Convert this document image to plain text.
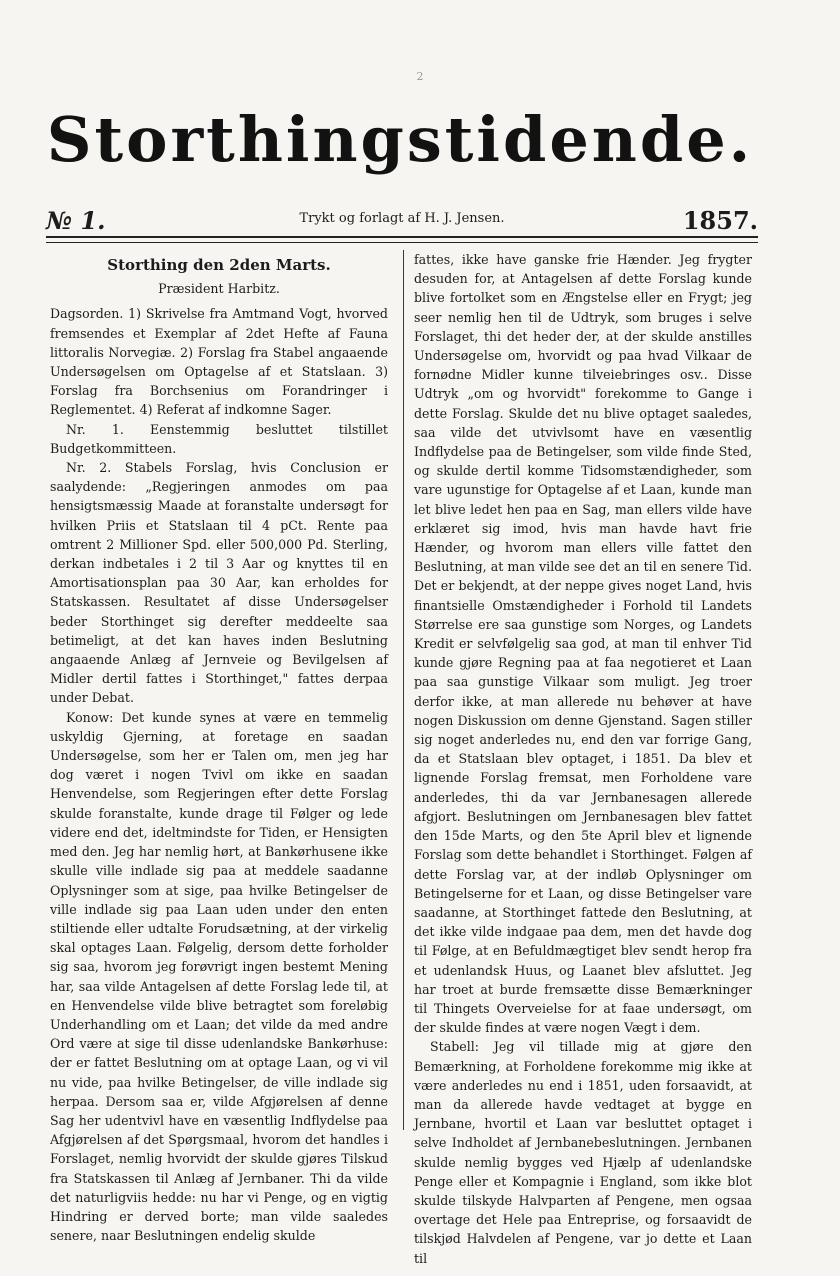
2
Storthingstidende.
№ 1.	Trykt og forlagt af H. J. Jensen.	1857.
Storthing den 2den Marts.
Præsident Harbitz.

Dagsorden. 1) Skrivelse fra Amtmand Vogt, hvorved fremsendes et Exemplar af 2det Hefte af Fauna littoralis Norvegiæ. 2) Forslag fra Stabel angaaende Undersøgelsen om Optagelse af et Statslaan. 3) Forslag fra Borchsenius om Forandringer i Reglementet. 4) Referat af indkomne Sager.

Nr. 1. Eenstemmig besluttet tilstillet Budgetkommitteen.

Nr. 2. Stabels Forslag, hvis Conclusion er saalydende: „Regjeringen anmodes om paa hensigtsmæssig Maade at foranstalte undersøgt for hvilken Priis et Statslaan til 4 pCt. Rente paa omtrent 2 Millioner Spd. eller 500,000 Pd. Sterling, derkan indbetales i 2 til 3 Aar og knyttes til en Amortisationsplan paa 30 Aar, kan erholdes for Statskassen. Resultatet af disse Undersøgelser beder Storthinget sig derefter meddeelte saa betimeligt, at det kan haves inden Beslutning angaaende Anlæg af Jernveie og Bevilgelsen af Midler dertil fattes i Storthinget," fattes derpaa under Debat.

Konow: Det kunde synes at være en temmelig uskyldig Gjerning, at foretage en saadan Undersøgelse, som her er Talen om, men jeg har dog været i nogen Tvivl om ikke en saadan Henvendelse, som Regjeringen efter dette Forslag skulde foranstalte, kunde drage til Følger og lede videre end det, ideltmindste for Tiden, er Hensigten med den. Jeg har nemlig hørt, at Bankørhusene ikke skulle ville indlade sig paa at meddele saadanne Oplysninger som at sige, paa hvilke Betingelser de ville indlade sig paa Laan uden under den enten stiltiende eller udtalte Forudsætning, at der virkelig skal optages Laan. Følgelig, dersom dette forholder sig saa, hvorom jeg forøvrigt ingen bestemt Mening har, saa vilde Antagelsen af dette Forslag lede til, at en Henvendelse vilde blive betragtet som foreløbig Underhandling om et Laan; det vilde da med andre Ord være at sige til disse udenlandske Bankørhuse: der er fattet Beslutning om at optage Laan, og vi vil nu vide, paa hvilke Betingelser, de ville indlade sig herpaa. Dersom saa er, vilde Afgjørelsen af denne Sag her udentvivl have en væsentlig Indflydelse paa Afgjørelsen af det Spørgsmaal, hvorom det handles i Forslaget, nemlig hvorvidt der skulde gjøres Tilskud fra Statskassen til Anlæg af Jernbaner. Thi da vilde det naturligviis hedde: nu har vi Penge, og en vigtig Hindring er derved borte; man vilde saaledes senere, naar Beslutningen endelig skulde

fattes, ikke have ganske frie Hænder. Jeg frygter desuden for, at Antagelsen af dette Forslag kunde blive fortolket som en Ængstelse eller en Frygt; jeg seer nemlig hen til de Udtryk, som bruges i selve Forslaget, thi det heder der, at der skulde anstilles Undersøgelse om, hvorvidt og paa hvad Vilkaar de fornødne Midler kunne tilveiebringes osv.. Disse Udtryk „om og hvorvidt" forekomme to Gange i dette Forslag. Skulde det nu blive optaget saaledes, saa vilde det utvivlsomt have en væsentlig Indflydelse paa de Betingelser, som vilde finde Sted, og skulde dertil komme Tidsomstændigheder, som vare ugunstige for Optagelse af et Laan, kunde man let blive ledet hen paa en Sag, man ellers vilde have erklæret sig imod, hvis man havde havt frie Hænder, og hvorom man ellers ville fattet den Beslutning, at man vilde see det an til en senere Tid. Det er bekjendt, at der neppe gives noget Land, hvis finantsielle Omstændigheder i Forhold til Landets Størrelse ere saa gunstige som Norges, og Landets Kredit er selvfølgelig saa god, at man til enhver Tid kunde gjøre Regning paa at faa negotieret et Laan paa saa gunstige Vilkaar som muligt. Jeg troer derfor ikke, at man allerede nu behøver at have nogen Diskussion om denne Gjenstand. Sagen stiller sig noget anderledes nu, end den var forrige Gang, da et Statslaan blev optaget, i 1851. Da blev et lignende Forslag fremsat, men Forholdene vare anderledes, thi da var Jernbanesagen allerede afgjort. Beslutningen om Jernbanesagen blev fattet den 15de Marts, og den 5te April blev et lignende Forslag som dette behandlet i Storthinget. Følgen af dette Forslag var, at der indløb Oplysninger om Betingelserne for et Laan, og disse Betingelser vare saadanne, at Storthinget fattede den Beslutning, at det ikke vilde indgaae paa dem, men det havde dog til Følge, at en Befuldmægtiget blev sendt herop fra et udenlandsk Huus, og Laanet blev afsluttet. Jeg har troet at burde fremsætte disse Bemærkninger til Thingets Overveielse for at faae undersøgt, om der skulde findes at være nogen Vægt i dem.

Stabell: Jeg vil tillade mig at gjøre den Bemærkning, at Forholdene forekomme mig ikke at være anderledes nu end i 1851, uden forsaavidt, at man da allerede havde vedtaget at bygge en Jernbane, hvortil et Laan var besluttet optaget i selve Indholdet af Jernbanebeslutningen. Jernbanen skulde nemlig bygges ved Hjælp af udenlandske Penge eller et Kompagnie i England, som ikke blot skulde tilskyde Halvparten af Pengene, men ogsaa overtage det Hele paa Entreprise, og forsaavidt de tilskjød Halvdelen af Pengene, var jo dette et Laan til
